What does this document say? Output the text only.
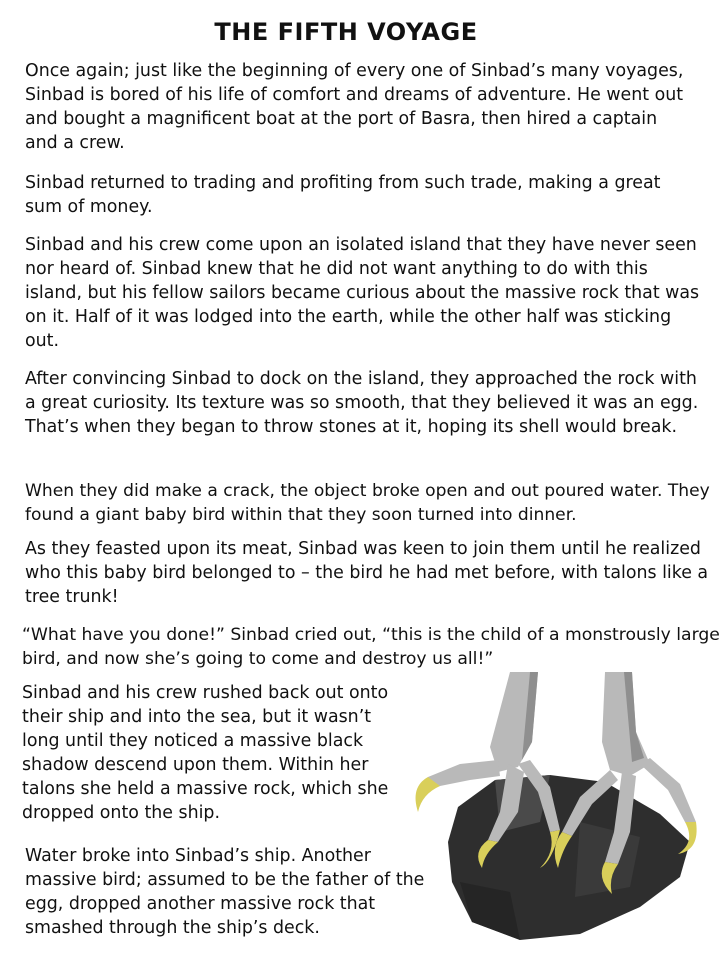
THE FIFTH VOYAGE

Once again; just like the beginning of every one of Sinbad’s many voyages, Sinbad is bored of his life of comfort and dreams of adventure. He went out and bought a magnificent boat at the port of Basra, then hired a captain and a crew.

Sinbad returned to trading and profiting from such trade, making a great sum of money.

Sinbad and his crew come upon an isolated island that they have never seen nor heard of. Sinbad knew that he did not want anything to do with this island, but his fellow sailors became curious about the massive rock that was on it. Half of it was lodged into the earth, while the other half was sticking out.

After convincing Sinbad to dock on the island, they approached the rock with a great curiosity. Its texture was so smooth, that they believed it was an egg. That’s when they began to throw stones at it, hoping its shell would break.

When they did make a crack, the object broke open and out poured water. They found a giant baby bird within that they soon turned into dinner.

As they feasted upon its meat, Sinbad was keen to join them until he realized who this baby bird belonged to – the bird he had met before, with talons like a tree trunk!

“What have you done!” Sinbad cried out, “this is the child of a monstrously large bird, and now she’s going to come and destroy us all!”

Sinbad and his crew rushed back out onto their ship and into the sea, but it wasn’t long until they noticed a massive black shadow descend upon them. Within her talons she held a massive rock, which she dropped onto the ship.

Water broke into Sinbad’s ship. Another massive bird; assumed to be the father of the egg, dropped another massive rock that smashed through the ship’s deck.
